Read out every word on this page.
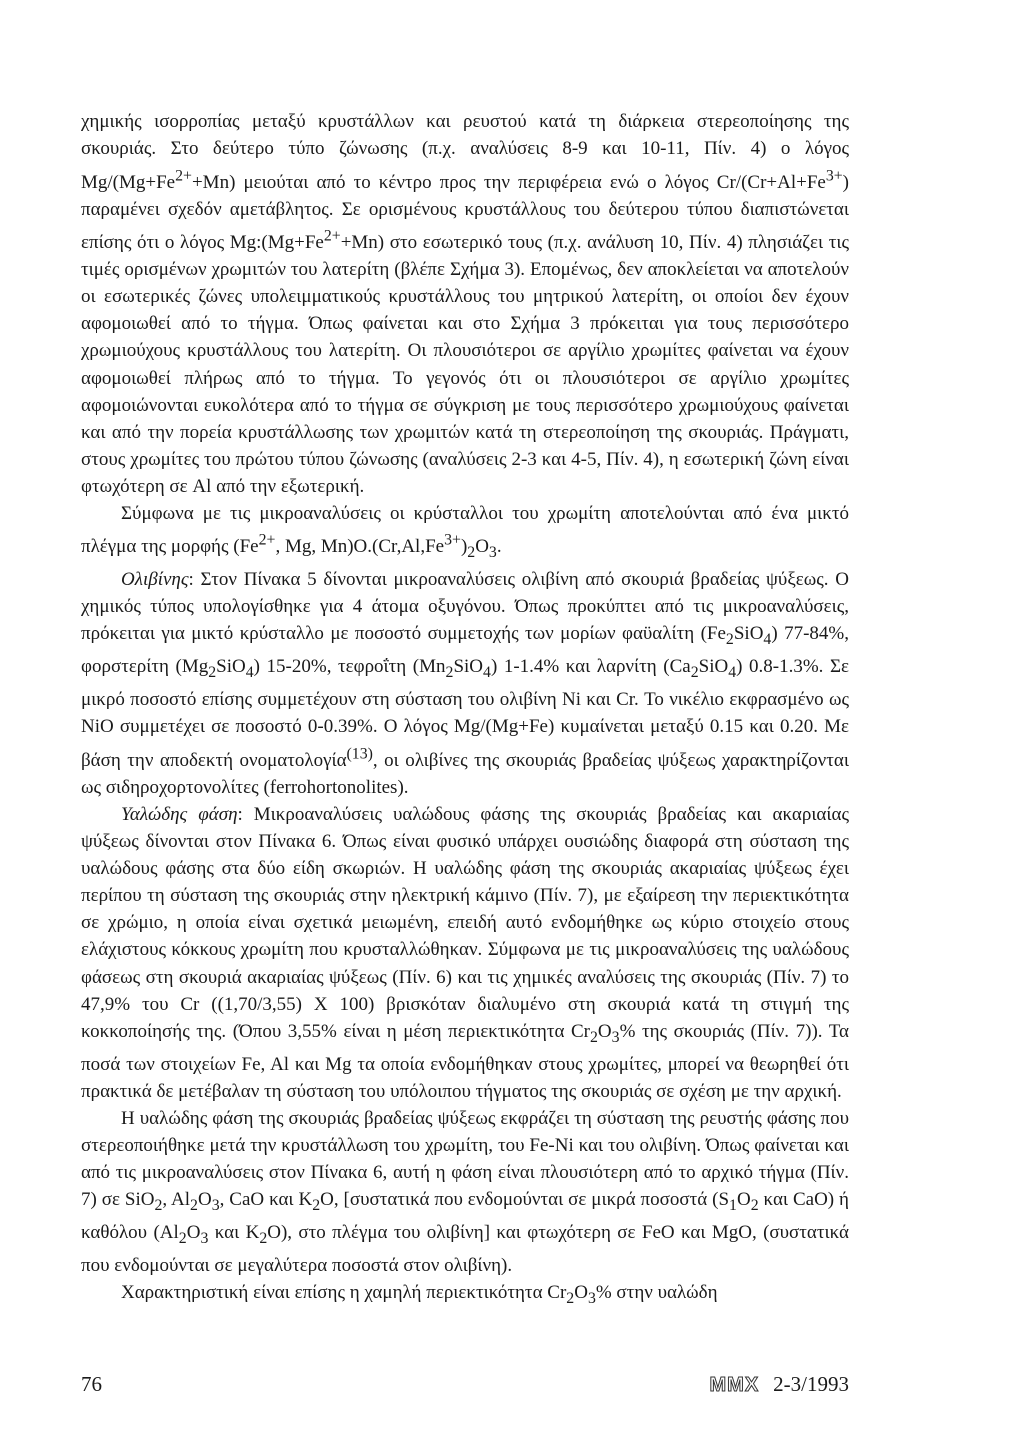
χημικής ισορροπίας μεταξύ κρυστάλλων και ρευστού κατά τη διάρκεια στερεοποίησης της σκουριάς. Στο δεύτερο τύπο ζώνωσης (π.χ. αναλύσεις 8-9 και 10-11, Πίν. 4) ο λόγος $Mg/(Mg+Fe^{2+}+Mn)$ μειούται από το κέντρο προς την περιφέρεια ενώ ο λόγος $Cr/(Cr+Al+Fe^{3+})$ παραμένει σχεδόν αμετάβλητος. Σε ορισμένους κρυστάλλους του δεύτερου τύπου διαπιστώνεται επίσης ότι ο λόγος $Mg:(Mg+Fe^{2+}+Mn)$ στο εσωτερικό τους (π.χ. ανάλυση 10, Πίν. 4) πλησιάζει τις τιμές ορισμένων χρωμιτών του λατερίτη (βλέπε Σχήμα 3). Επομένως, δεν αποκλείεται να αποτελούν οι εσωτερικές ζώνες υπολειμματικούς κρυστάλλους του μητρικού λατερίτη, οι οποίοι δεν έχουν αφομοιωθεί από το τήγμα. Όπως φαίνεται και στο Σχήμα 3 πρόκειται για τους περισσότερο χρωμιούχους κρυστάλλους του λατερίτη. Οι πλουσιότεροι σε αργίλιο χρωμίτες φαίνεται να έχουν αφομοιωθεί πλήρως από το τήγμα. Το γεγονός ότι οι πλουσιότεροι σε αργίλιο χρωμίτες αφομοιώνονται ευκολότερα από το τήγμα σε σύγκριση με τους περισσότερο χρωμιούχους φαίνεται και από την πορεία κρυστάλλωσης των χρωμιτών κατά τη στερεοποίηση της σκουριάς. Πράγματι, στους χρωμίτες του πρώτου τύπου ζώνωσης (αναλύσεις 2-3 και 4-5, Πίν. 4), η εσωτερική ζώνη είναι φτωχότερη σε Al από την εξωτερική.

Σύμφωνα με τις μικροαναλύσεις οι κρύσταλλοι του χρωμίτη αποτελούνται από ένα μικτό πλέγμα της μορφής ($Fe^{2+}$, Mg, $Mn)O.(Cr,Al,Fe^{3+})_2O_3$.

Ολιβίνης: Στον Πίνακα 5 δίνονται μικροαναλύσεις ολιβίνη από σκουριά βραδείας ψύξεως. Ο χημικός τύπος υπολογίσθηκε για 4 άτομα οξυγόνου. Όπως προκύπτει από τις μικροαναλύσεις, πρόκειται για μικτό κρύσταλλο με ποσοστό συμμετοχής των μορίων φαϋαλίτη $(Fe_2SiO_4)$ 77-84%, φορστερίτη $(Mg_2SiO_4)$ 15-20%, τεφροΐτη $(Mn_2SiO_4)$ 1-1.4% και λαρνίτη $(Ca_2SiO_4)$ 0.8-1.3%. Σε μικρό ποσοστό επίσης συμμετέχουν στη σύσταση του ολιβίνη Ni και Cr. Το νικέλιο εκφρασμένο ως NiO συμμετέχει σε ποσοστό 0-0.39%. Ο λόγος Mg/(Mg+Fe) κυμαίνεται μεταξύ 0.15 και 0.20. Με βάση την αποδεκτή ονοματολογία$^{(13)}$, οι ολιβίνες της σκουριάς βραδείας ψύξεως χαρακτηρίζονται ως σιδηροχορτονολίτες (ferrohortonolites).

Υαλώδης φάση: Μικροαναλύσεις υαλώδους φάσης της σκουριάς βραδείας και ακαριαίας ψύξεως δίνονται στον Πίνακα 6. Όπως είναι φυσικό υπάρχει ουσιώδης διαφορά στη σύσταση της υαλώδους φάσης στα δύο είδη σκωριών. Η υαλώδης φάση της σκουριάς ακαριαίας ψύξεως έχει περίπου τη σύσταση της σκουριάς στην ηλεκτρική κάμινο (Πίν. 7), με εξαίρεση την περιεκτικότητα σε χρώμιο, η οποία είναι σχετικά μειωμένη, επειδή αυτό ενδομήθηκε ως κύριο στοιχείο στους ελάχιστους κόκκους χρωμίτη που κρυσταλλώθηκαν. Σύμφωνα με τις μικροαναλύσεις της υαλώδους φάσεως στη σκουριά ακαριαίας ψύξεως (Πίν. 6) και τις χημικές αναλύσεις της σκουριάς (Πίν. 7) το 47,9% του Cr ((1,70/3,55) X 100) βρισκόταν διαλυμένο στη σκουριά κατά τη στιγμή της κοκκοποίησής της. (Όπου 3,55% είναι η μέση περιεκτικότητα $Cr_2O_3\%$ της σκουριάς (Πίν. 7)). Τα ποσά των στοιχείων Fe, Al και Mg τα οποία ενδομήθηκαν στους χρωμίτες, μπορεί να θεωρηθεί ότι πρακτικά δε μετέβαλαν τη σύσταση του υπόλοιπου τήγματος της σκουριάς σε σχέση με την αρχική.

Η υαλώδης φάση της σκουριάς βραδείας ψύξεως εκφράζει τη σύσταση της ρευστής φάσης που στερεοποιήθηκε μετά την κρυστάλλωση του χρωμίτη, του Fe-Ni και του ολιβίνη. Όπως φαίνεται και από τις μικροαναλύσεις στον Πίνακα 6, αυτή η φάση είναι πλουσιότερη από το αρχικό τήγμα (Πίν. 7) σε SiO$_2$, $Al_2O_3$, CaO και $K_2O$, [συστατικά που ενδομούνται σε μικρά ποσοστά ($S_1O_2$ και CaO) ή καθόλου ($Al_2O_3$ και $K_2O$), στο πλέγμα του ολιβίνη] και φτωχότερη σε FeO και MgO, (συστατικά που ενδομούνται σε μεγαλύτερα ποσοστά στον ολιβίνη).

Χαρακτηριστική είναι επίσης η χαμηλή περιεκτικότητα $Cr_2O_3\%$ στην υαλώδη

76	MMX 2-3/1993
